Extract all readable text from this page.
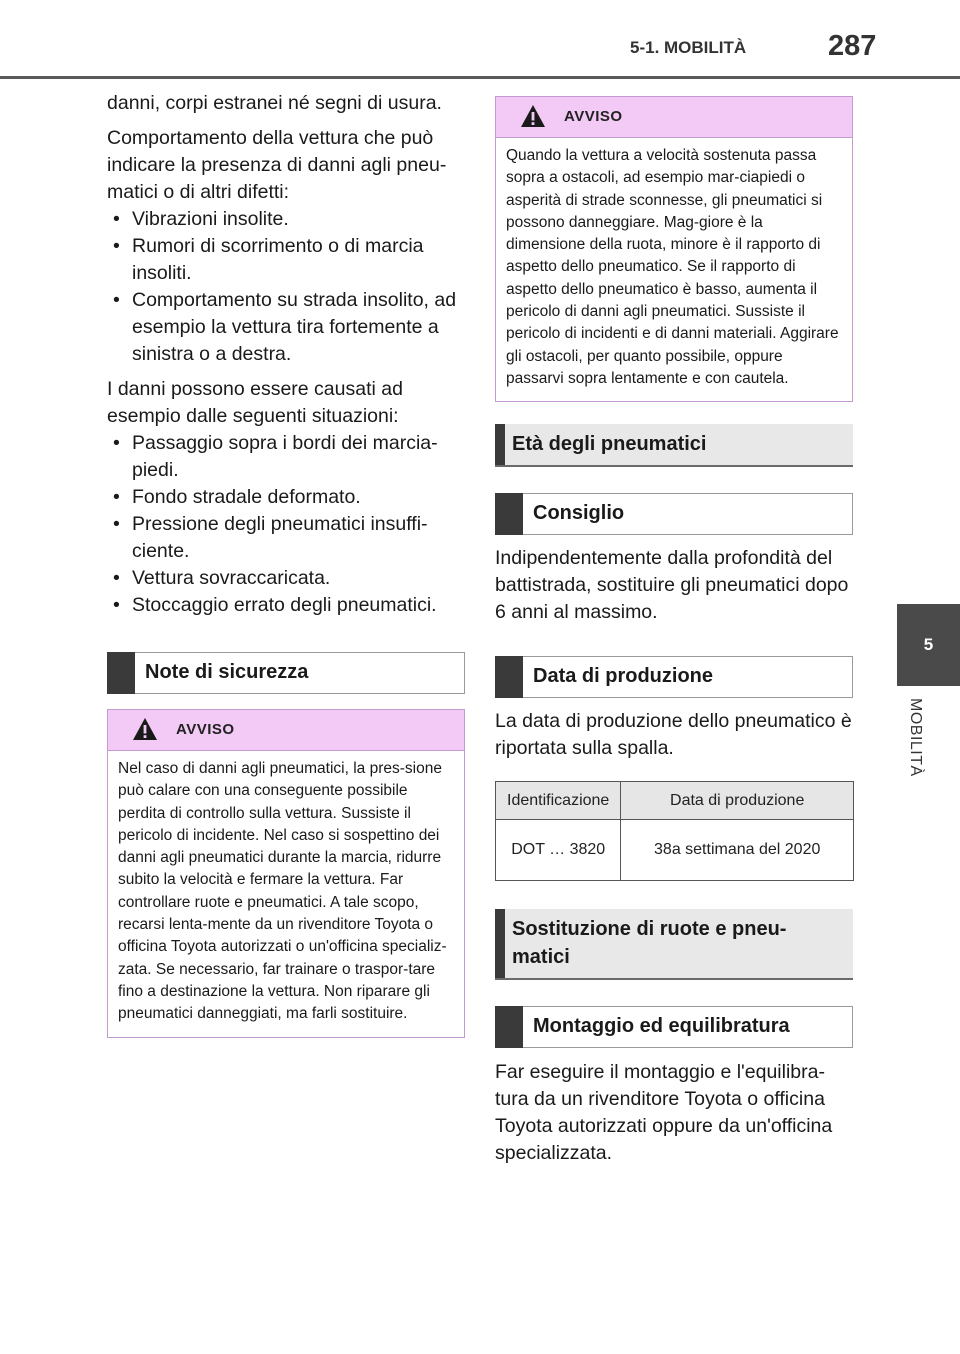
5-1. MOBILITÀ	287
5
MOBILITÀ

danni, corpi estranei né segni di usura.

Comportamento della vettura che può indicare la presenza di danni agli pneu-matici o di altri difetti:

• Vibrazioni insolite.
• Rumori di scorrimento o di marcia insoliti.
• Comportamento su strada insolito, ad esempio la vettura tira fortemente a sinistra o a destra.

I danni possono essere causati ad esempio dalle seguenti situazioni:

• Passaggio sopra i bordi dei marcia-piedi.
• Fondo stradale deformato.
• Pressione degli pneumatici insuffi-ciente.
• Vettura sovraccaricata.
• Stoccaggio errato degli pneumatici.
Note di sicurezza
AVVISO
Nel caso di danni agli pneumatici, la pres-sione può calare con una conseguente possibile perdita di controllo sulla vettura. Sussiste il pericolo di incidente. Nel caso si sospettino dei danni agli pneumatici durante la marcia, ridurre subito la velocità e fermare la vettura. Far controllare ruote e pneumatici. A tale scopo, recarsi lenta-mente da un rivenditore Toyota o officina Toyota autorizzati o un'officina specializ-zata. Se necessario, far trainare o traspor-tare fino a destinazione la vettura. Non riparare gli pneumatici danneggiati, ma farli sostituire.
AVVISO
Quando la vettura a velocità sostenuta passa sopra a ostacoli, ad esempio mar-ciapiedi o asperità di strade sconnesse, gli pneumatici si possono danneggiare. Mag-giore è la dimensione della ruota, minore è il rapporto di aspetto dello pneumatico. Se il rapporto di aspetto dello pneumatico è basso, aumenta il pericolo di danni agli pneumatici. Sussiste il pericolo di incidenti e di danni materiali. Aggirare gli ostacoli, per quanto possibile, oppure passarvi sopra lentamente e con cautela.
Età degli pneumatici
Consiglio

Indipendentemente dalla profondità del battistrada, sostituire gli pneumatici dopo 6 anni al massimo.

Data di produzione

La data di produzione dello pneumatico è riportata sulla spalla.

Identificazione	Data di produzione
DOT … 3820	38a settimana del 2020
Sostituzione di ruote e pneu-matici
Montaggio ed equilibratura

Far eseguire il montaggio e l'equilibra-tura da un rivenditore Toyota o officina Toyota autorizzati oppure da un'officina specializzata.
